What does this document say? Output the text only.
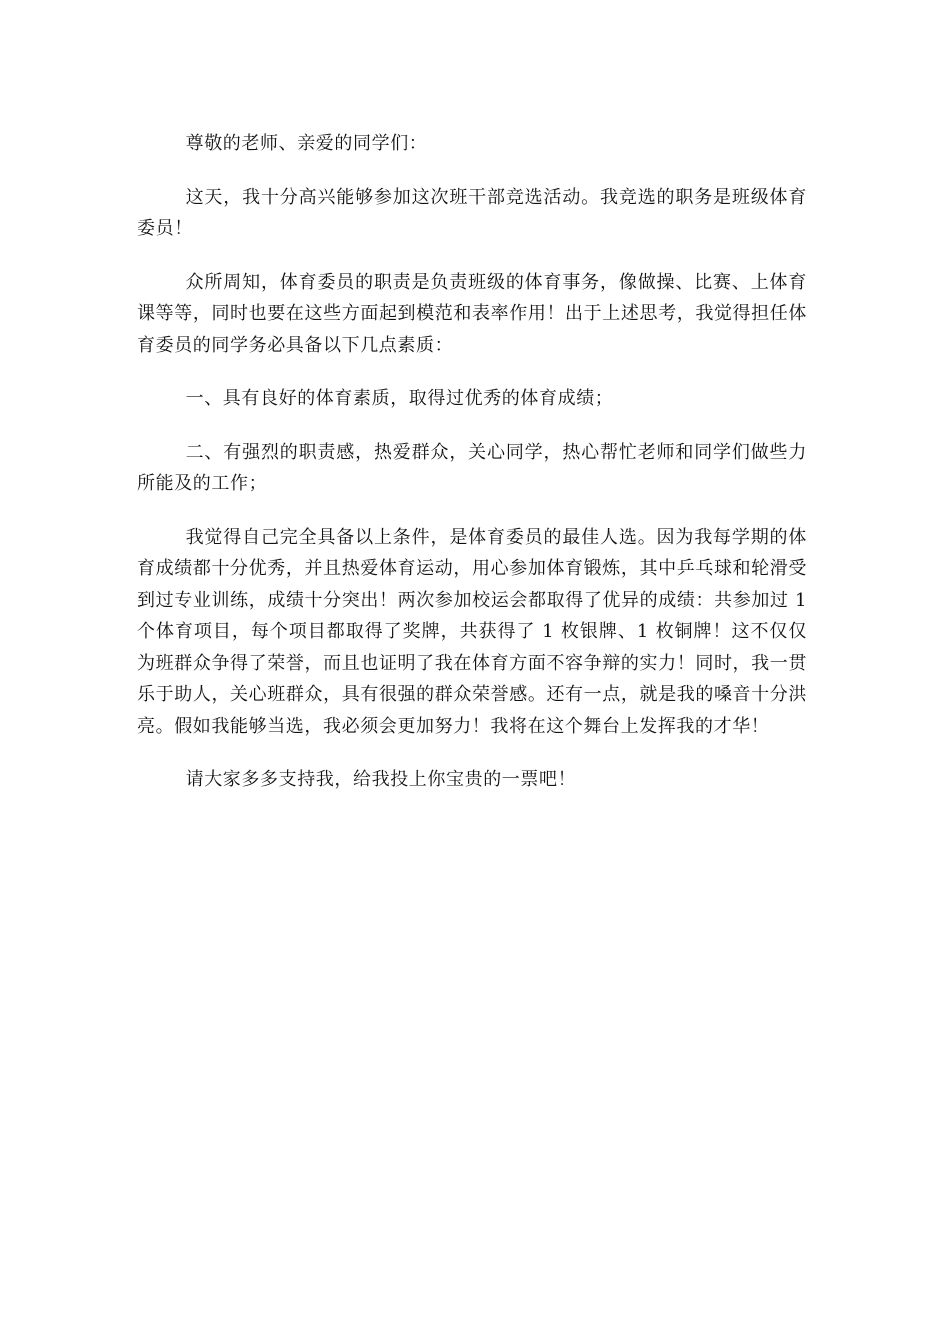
尊敬的老师、亲爱的同学们：

这天，我十分高兴能够参加这次班干部竞选活动。我竞选的职务是班级体育委员！

众所周知，体育委员的职责是负责班级的体育事务，像做操、比赛、上体育课等等，同时也要在这些方面起到模范和表率作用！出于上述思考，我觉得担任体育委员的同学务必具备以下几点素质：

一、具有良好的体育素质，取得过优秀的体育成绩；

二、有强烈的职责感，热爱群众，关心同学，热心帮忙老师和同学们做些力所能及的工作；

我觉得自己完全具备以上条件，是体育委员的最佳人选。因为我每学期的体育成绩都十分优秀，并且热爱体育运动，用心参加体育锻炼，其中乒乓球和轮滑受到过专业训练，成绩十分突出！两次参加校运会都取得了优异的成绩：共参加过 1 个体育项目，每个项目都取得了奖牌，共获得了 1 枚银牌、1 枚铜牌！这不仅仅为班群众争得了荣誉，而且也证明了我在体育方面不容争辩的实力！同时，我一贯乐于助人，关心班群众，具有很强的群众荣誉感。还有一点，就是我的嗓音十分洪亮。假如我能够当选，我必须会更加努力！我将在这个舞台上发挥我的才华！

请大家多多支持我，给我投上你宝贵的一票吧！
